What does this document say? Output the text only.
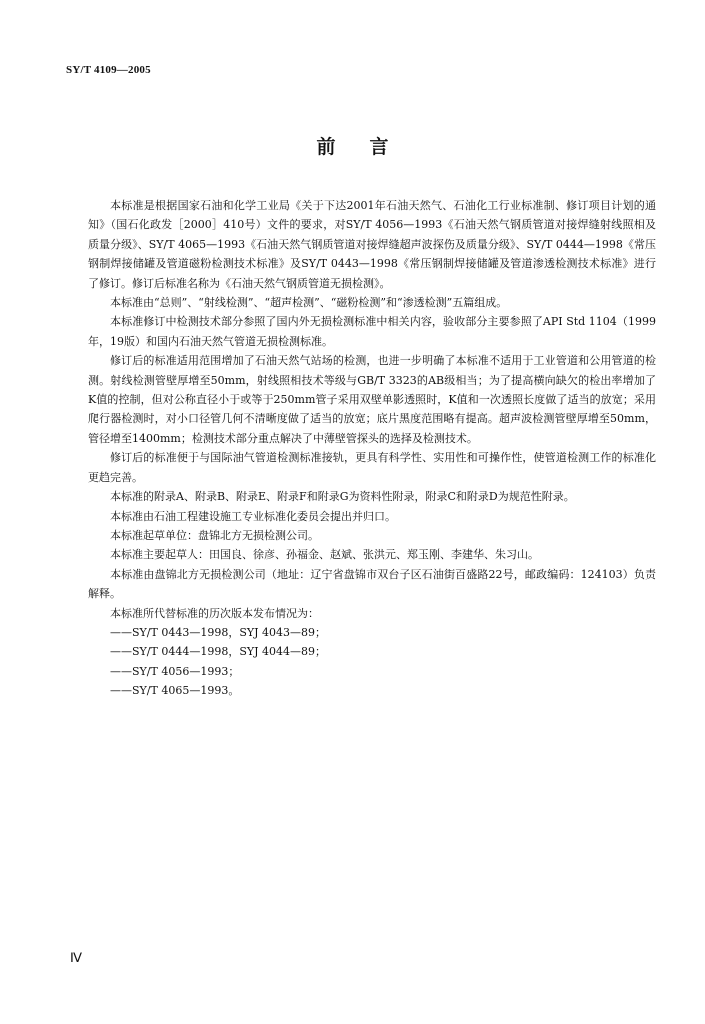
SY/T 4109—2005
前言

本标准是根据国家石油和化学工业局《关于下达2001年石油天然气、石油化工行业标准制、修订项目计划的通知》（国石化政发［2000］410号）文件的要求，对SY/T 4056—1993《石油天然气钢质管道对接焊缝射线照相及质量分级》、SY/T 4065—1993《石油天然气钢质管道对接焊缝超声波探伤及质量分级》、SY/T 0444—1998《常压钢制焊接储罐及管道磁粉检测技术标准》及SY/T 0443—1998《常压钢制焊接储罐及管道渗透检测技术标准》进行了修订。修订后标准名称为《石油天然气钢质管道无损检测》。

本标准由“总则”、“射线检测”、“超声检测”、“磁粉检测”和“渗透检测”五篇组成。

本标准修订中检测技术部分参照了国内外无损检测标准中相关内容，验收部分主要参照了API Std 1104（1999年，19版）和国内石油天然气管道无损检测标准。

修订后的标准适用范围增加了石油天然气站场的检测，也进一步明确了本标准不适用于工业管道和公用管道的检测。射线检测管壁厚增至50mm，射线照相技术等级与GB/T 3323的AB级相当；为了提高横向缺欠的检出率增加了K值的控制，但对公称直径小于或等于250mm管子采用双壁单影透照时，K值和一次透照长度做了适当的放宽；采用爬行器检测时，对小口径管几何不清晰度做了适当的放宽；底片黑度范围略有提高。超声波检测管壁厚增至50mm，管径增至1400mm；检测技术部分重点解决了中薄壁管探头的选择及检测技术。

修订后的标准便于与国际油气管道检测标准接轨，更具有科学性、实用性和可操作性，使管道检测工作的标准化更趋完善。

本标准的附录A、附录B、附录E、附录F和附录G为资料性附录，附录C和附录D为规范性附录。

本标准由石油工程建设施工专业标准化委员会提出并归口。

本标准起草单位：盘锦北方无损检测公司。

本标准主要起草人：田国良、徐彦、孙福金、赵斌、张洪元、郑玉刚、李建华、朱习山。

本标准由盘锦北方无损检测公司（地址：辽宁省盘锦市双台子区石油街百盛路22号，邮政编码：124103）负责解释。

本标准所代替标准的历次版本发布情况为：

——SY/T 0443—1998，SYJ 4043—89；
——SY/T 0444—1998，SYJ 4044—89；
——SY/T 4056—1993；
——SY/T 4065—1993。
Ⅳ
